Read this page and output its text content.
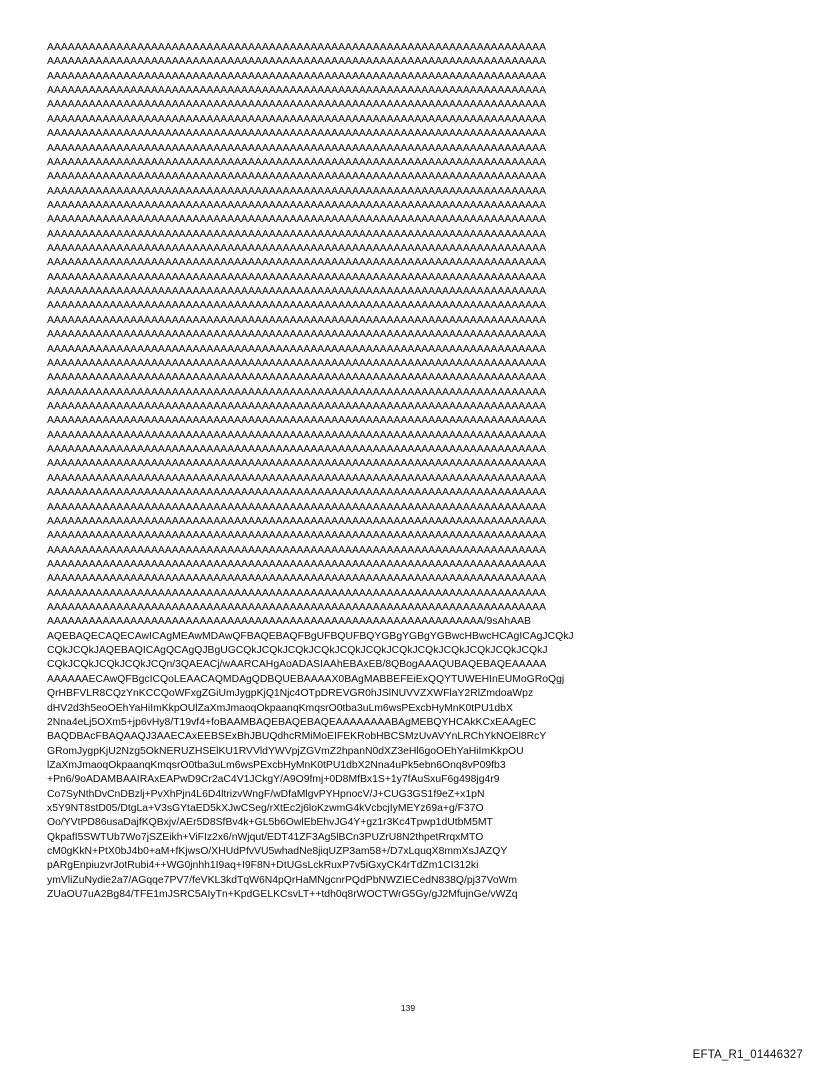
AAAAAAAAAAAAAAAAAAAAAAAAAAAAAAAAAAAAAAAAAAAAAAAAAAAAAAAAAAAAAAAAAAAAAAAA
AAAAAAAAAAAAAAAAAAAAAAAAAAAAAAAAAAAAAAAAAAAAAAAAAAAAAAAAAAAAAAAAAAAAAAAA
AAAAAAAAAAAAAAAAAAAAAAAAAAAAAAAAAAAAAAAAAAAAAAAAAAAAAAAAAAAAAAAAAAAAAAAA
AAAAAAAAAAAAAAAAAAAAAAAAAAAAAAAAAAAAAAAAAAAAAAAAAAAAAAAAAAAAAAAAAAAAAAAA
AAAAAAAAAAAAAAAAAAAAAAAAAAAAAAAAAAAAAAAAAAAAAAAAAAAAAAAAAAAAAAAAAAAAAAAA
AAAAAAAAAAAAAAAAAAAAAAAAAAAAAAAAAAAAAAAAAAAAAAAAAAAAAAAAAAAAAAAAAAAAAAAA
AAAAAAAAAAAAAAAAAAAAAAAAAAAAAAAAAAAAAAAAAAAAAAAAAAAAAAAAAAAAAAAAAAAAAAAA
AAAAAAAAAAAAAAAAAAAAAAAAAAAAAAAAAAAAAAAAAAAAAAAAAAAAAAAAAAAAAAAAAAAAAAAA
AAAAAAAAAAAAAAAAAAAAAAAAAAAAAAAAAAAAAAAAAAAAAAAAAAAAAAAAAAAAAAAAAAAAAAAA
AAAAAAAAAAAAAAAAAAAAAAAAAAAAAAAAAAAAAAAAAAAAAAAAAAAAAAAAAAAAAAAAAAAAAAAA
AAAAAAAAAAAAAAAAAAAAAAAAAAAAAAAAAAAAAAAAAAAAAAAAAAAAAAAAAAAAAAAAAAAAAAAA
AAAAAAAAAAAAAAAAAAAAAAAAAAAAAAAAAAAAAAAAAAAAAAAAAAAAAAAAAAAAAAAAAAAAAAAA
AAAAAAAAAAAAAAAAAAAAAAAAAAAAAAAAAAAAAAAAAAAAAAAAAAAAAAAAAAAAAAAAAAAAAAAA
AAAAAAAAAAAAAAAAAAAAAAAAAAAAAAAAAAAAAAAAAAAAAAAAAAAAAAAAAAAAAAAAAAAAAAAA
AAAAAAAAAAAAAAAAAAAAAAAAAAAAAAAAAAAAAAAAAAAAAAAAAAAAAAAAAAAAAAAAAAAAAAAA
AAAAAAAAAAAAAAAAAAAAAAAAAAAAAAAAAAAAAAAAAAAAAAAAAAAAAAAAAAAAAAAAAAAAAAAA
AAAAAAAAAAAAAAAAAAAAAAAAAAAAAAAAAAAAAAAAAAAAAAAAAAAAAAAAAAAAAAAAAAAAAAAA
AAAAAAAAAAAAAAAAAAAAAAAAAAAAAAAAAAAAAAAAAAAAAAAAAAAAAAAAAAAAAAAAAAAAAAAA
AAAAAAAAAAAAAAAAAAAAAAAAAAAAAAAAAAAAAAAAAAAAAAAAAAAAAAAAAAAAAAAAAAAAAAAA
AAAAAAAAAAAAAAAAAAAAAAAAAAAAAAAAAAAAAAAAAAAAAAAAAAAAAAAAAAAAAAAAAAAAAAAA
AAAAAAAAAAAAAAAAAAAAAAAAAAAAAAAAAAAAAAAAAAAAAAAAAAAAAAAAAAAAAAAAAAAAAAAA
AAAAAAAAAAAAAAAAAAAAAAAAAAAAAAAAAAAAAAAAAAAAAAAAAAAAAAAAAAAAAAAAAAAAAAAA
AAAAAAAAAAAAAAAAAAAAAAAAAAAAAAAAAAAAAAAAAAAAAAAAAAAAAAAAAAAAAAAAAAAAAAAA
AAAAAAAAAAAAAAAAAAAAAAAAAAAAAAAAAAAAAAAAAAAAAAAAAAAAAAAAAAAAAAAAAAAAAAAA
AAAAAAAAAAAAAAAAAAAAAAAAAAAAAAAAAAAAAAAAAAAAAAAAAAAAAAAAAAAAAAAAAAAAAAAA
AAAAAAAAAAAAAAAAAAAAAAAAAAAAAAAAAAAAAAAAAAAAAAAAAAAAAAAAAAAAAAAAAAAAAAAA
AAAAAAAAAAAAAAAAAAAAAAAAAAAAAAAAAAAAAAAAAAAAAAAAAAAAAAAAAAAAAAAAAAAAAAAA
AAAAAAAAAAAAAAAAAAAAAAAAAAAAAAAAAAAAAAAAAAAAAAAAAAAAAAAAAAAAAAAAAAAAAAAA
AAAAAAAAAAAAAAAAAAAAAAAAAAAAAAAAAAAAAAAAAAAAAAAAAAAAAAAAAAAAAAAAAAAAAAAA
AAAAAAAAAAAAAAAAAAAAAAAAAAAAAAAAAAAAAAAAAAAAAAAAAAAAAAAAAAAAAAAAAAAAAAAA
AAAAAAAAAAAAAAAAAAAAAAAAAAAAAAAAAAAAAAAAAAAAAAAAAAAAAAAAAAAAAAAAAAAAAAAA
AAAAAAAAAAAAAAAAAAAAAAAAAAAAAAAAAAAAAAAAAAAAAAAAAAAAAAAAAAAAAAAAAAAAAAAA
AAAAAAAAAAAAAAAAAAAAAAAAAAAAAAAAAAAAAAAAAAAAAAAAAAAAAAAAAAAAAAAAAAAAAAAA
AAAAAAAAAAAAAAAAAAAAAAAAAAAAAAAAAAAAAAAAAAAAAAAAAAAAAAAAAAAAAAAAAAAAAAAA
AAAAAAAAAAAAAAAAAAAAAAAAAAAAAAAAAAAAAAAAAAAAAAAAAAAAAAAAAAAAAAAAAAAAAAAA
AAAAAAAAAAAAAAAAAAAAAAAAAAAAAAAAAAAAAAAAAAAAAAAAAAAAAAAAAAAAAAAAAAAAAAAA
AAAAAAAAAAAAAAAAAAAAAAAAAAAAAAAAAAAAAAAAAAAAAAAAAAAAAAAAAAAAAAAAAAAAAAAA
AAAAAAAAAAAAAAAAAAAAAAAAAAAAAAAAAAAAAAAAAAAAAAAAAAAAAAAAAAAAAAAAAAAAAAAA
AAAAAAAAAAAAAAAAAAAAAAAAAAAAAAAAAAAAAAAAAAAAAAAAAAAAAAAAAAAAAAAAAAAAAAAA
AAAAAAAAAAAAAAAAAAAAAAAAAAAAAAAAAAAAAAAAAAAAAAAAAAAAAAAAAAAAAAAAAAAAAAAA
AAAAAAAAAAAAAAAAAAAAAAAAAAAAAAAAAAAAAAAAAAAAAAAAAAAAAAAAAAAAAAA/9sAhAAB
AQEBAQECAQECAwICAgMEAwMDAwQFBAQEBAQFBgUFBQUFBQYGBgYGBgYGBwcHBwcHCAgICAgJCQkJ
CQkJCQkJAQEBAQICAgQCAgQJBgUGCQkJCQkJCQkJCQkJCQkJCQkJCQkJCQkJCQkJCQkJCQkJCQkJ
CQkJCQkJCQkJCQkJCQn/3QAEACj/wAARCAHgAoADASIAAhEBAxEB/8QBogAAAQUBAQEBAQEAAAAA
AAAAAAECAwQFBgcICQoLEAACAQMDAgQDBQUEBAAAAX0BAgMABBEFEiExQQYTUWEHInEUMoGRoQgj
QrHBFVLR8CQzYnKCCQoWFxgZGiUmJygpKjQ1Njc4OTpDREVGR0hJSlNUVVZXWFlaY2RlZmdoaWpz
dHV2d3h5eoOEhYaHiImKkpOUlZaXmJmaoqOkpaanqKmqsrO0tba3uLm6wsPExcbHyMnK0tPU1dbX
2Nna4eLj5OXm5+jp6vHy8/T19vf4+foBAAMBAQEBAQEBAQEAAAAAAAABAgMEBQYHCAkKCxEAAgEC
BAQDBAcFBAQAAQJ3AAECAxEEBSExBhJBUQdhcRMiMoEIFEKRobHBCSMzUvAVYnLRChYkNOEl8RcY
GRomJygpKjU2Nzg5OkNERUZHSElKU1RVVldYWVpjZGVmZ2hpanN0dXZ3eHl6goOEhYaHiImKkpOU
lZaXmJmaoqOkpaanqKmqsrO0tba3uLm6wsPExcbHyMnK0tPU1dbX2Nna4uPk5ebn6Onq8vP09fb3
+Pn6/9oADAMBAAIRAxEAPwD9Cr2aC4V1JCkgY/A9O9fmj+0D8MfBx1S+1y7fAuSxuF6g498jg4r9
Co7SyNthDvCnDBzlj+PvXhPjn4L6D4ltrizvWngF/wDfaMlgvPYHpnocV/J+CUG3GS1f9eZ+x1pN
x5Y9NT8stD05/DtgLa+V3sGYtaED5kXJwCSeg/rXtEc2j6loKzwmG4kVcbcjIyMEYz69a+g/F37O
Oo/YVtPD86usaDajfKQBxjv/AEr5D8SfBv4k+GL5b6OwlEbEhvJG4Y+gz1r3Kc4Tpwp1dUtbM5MT
QkpafI5SWTUb7Wo7jSZEikh+ViFIz2x6/nWjqut/EDT41ZF3Ag5lBCn3PUZrU8N2thpetRrqxMTO
cM0gKkN+PtX0bJ4b0+aM+fKjwsO/XHUdPfvVU5whadNe8jiqUZP3am58+/D7xLquqX8mmXsJAZQY
pARgEnpiuzvrJotRubi4++WG0jnhh1I9aq+I9F8N+DtUGsLckRuxP7v5iGxyCK4rTdZm1CI312ki
ymVliZuNydie2a7/AGqqe7PV7/feVKL3kdTqW6N4pQrHaMNgcnrPQdPbNWZIECedN838Q/pj37VoWm
ZUaOU7uA2Bg84/TFE1mJSRC5AIyTn+KpdGELKCsvLT++tdh0q8rWOCTWrG5Gy/gJ2MfujnGe/vWZq
139
EFTA_R1_01446327
